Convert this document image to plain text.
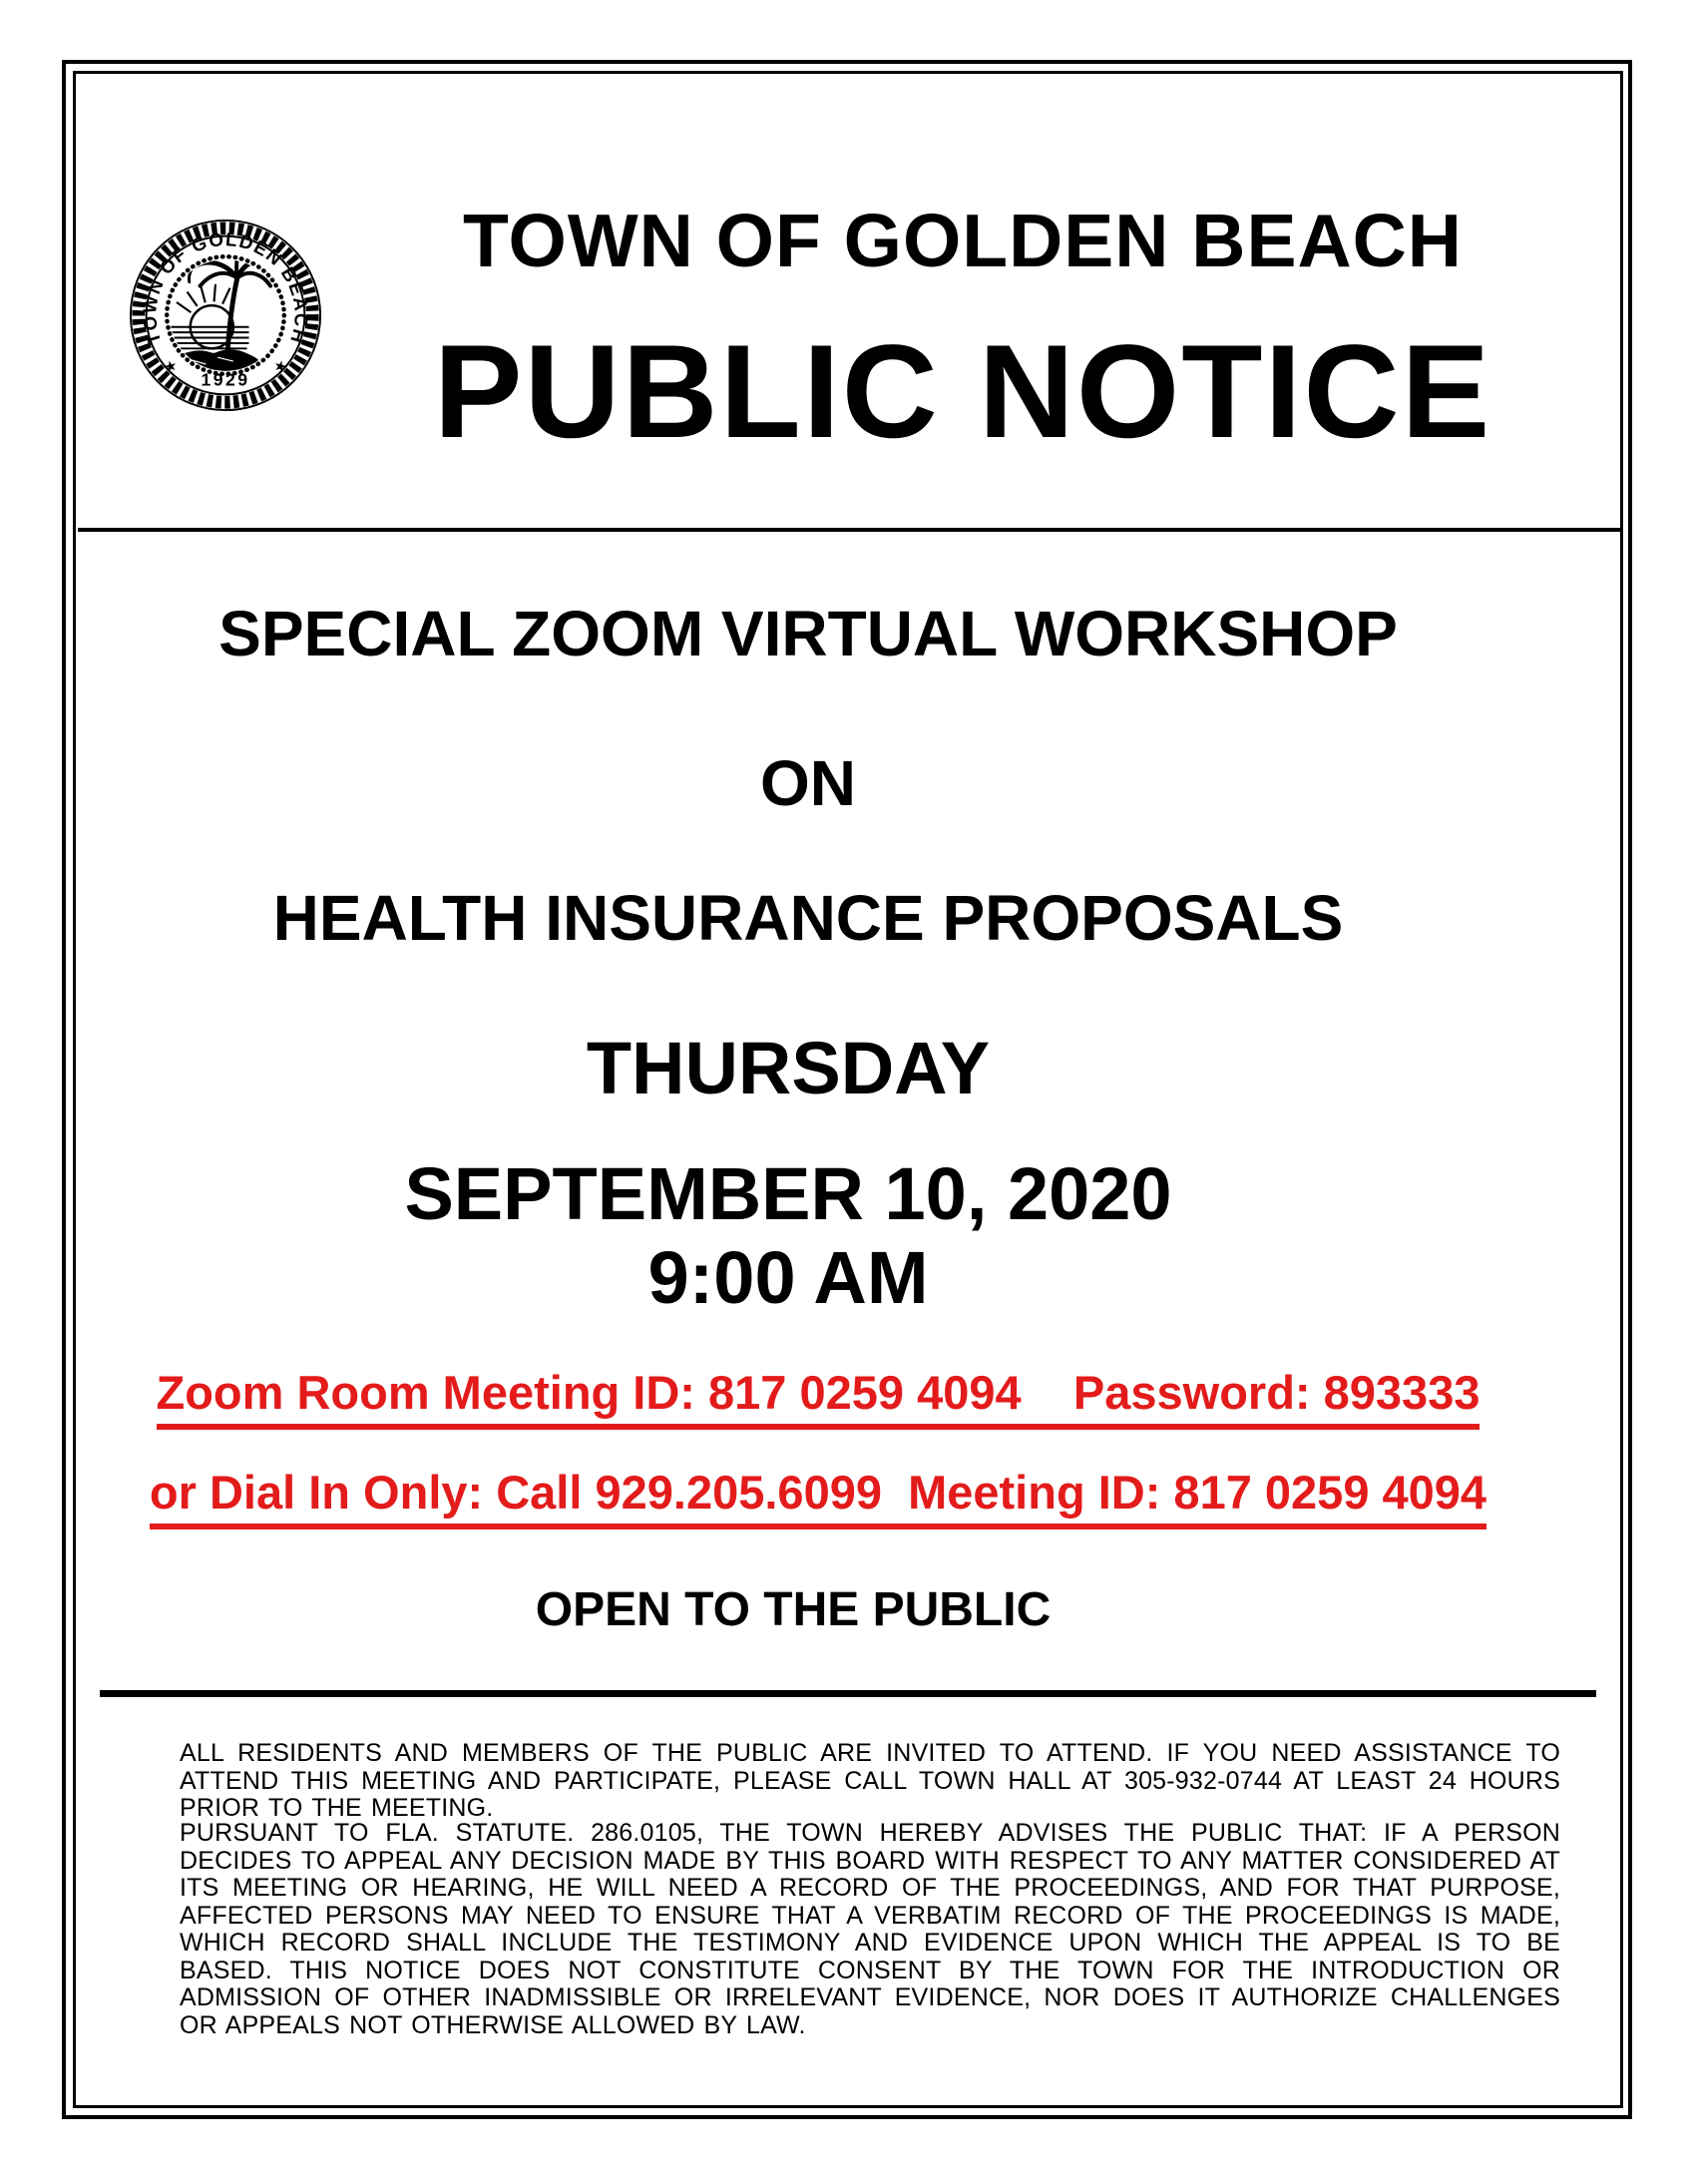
TOWN OF GOLDEN BEACH
★	★
1929
TOWN OF GOLDEN BEACH
PUBLIC NOTICE
SPECIAL ZOOM VIRTUAL WORKSHOP
ON
HEALTH INSURANCE PROPOSALS
THURSDAY
SEPTEMBER 10, 2020
9:00 AM
Zoom Room Meeting ID: 817 0259 4094    Password: 893333
or Dial In Only: Call 929.205.6099  Meeting ID: 817 0259 4094
OPEN TO THE PUBLIC
ALL RESIDENTS AND MEMBERS OF THE PUBLIC ARE INVITED TO ATTEND. IF YOU NEED ASSISTANCE TO ATTEND THIS MEETING AND PARTICIPATE, PLEASE CALL TOWN HALL AT 305-932-0744 AT LEAST 24 HOURS PRIOR TO THE MEETING.
PURSUANT TO FLA. STATUTE. 286.0105, THE TOWN HEREBY ADVISES THE PUBLIC THAT: IF A PERSON DECIDES TO APPEAL ANY DECISION MADE BY THIS BOARD WITH RESPECT TO ANY MATTER CONSIDERED AT ITS MEETING OR HEARING, HE WILL NEED A RECORD OF THE PROCEEDINGS, AND FOR THAT PURPOSE, AFFECTED PERSONS MAY NEED TO ENSURE THAT A VERBATIM RECORD OF THE PROCEEDINGS IS MADE, WHICH RECORD SHALL INCLUDE THE TESTIMONY AND EVIDENCE UPON WHICH THE APPEAL IS TO BE BASED. THIS NOTICE DOES NOT CONSTITUTE CONSENT BY THE TOWN FOR THE INTRODUCTION OR ADMISSION OF OTHER INADMISSIBLE OR IRRELEVANT EVIDENCE, NOR DOES IT AUTHORIZE CHALLENGES OR APPEALS NOT OTHERWISE ALLOWED BY LAW.
